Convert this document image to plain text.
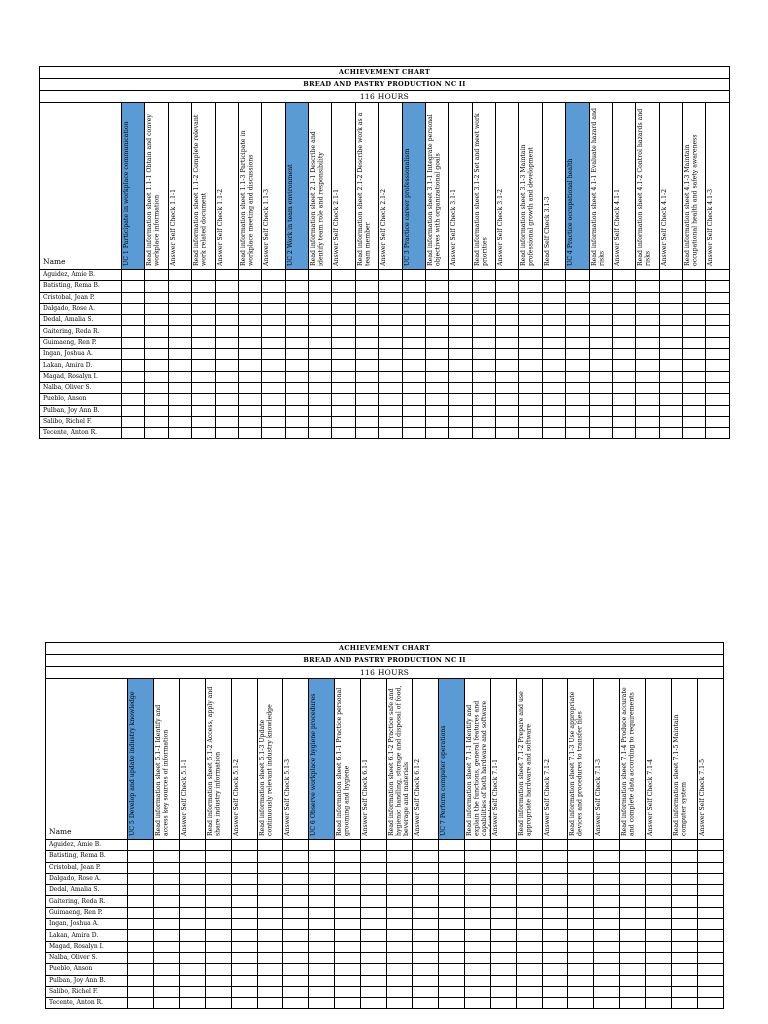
ACHIEVEMENT CHART																										
BREAD AND PASTRY PRODUCTION NC II																										
116 HOURS																										
Name	UC 1 Participate in workplace communication	Read information sheet 1.1-1 Obtain and convey workplace information	Answer Self Check 1.1-1	Read information sheet 1.1-2 Complete relevant work related document	Answer Self Check 1.1-2	Read information sheet 1.1-3 Participate in workplace meeting and discussions	Answer Self Check 1.1-3	UC 2 Work in team environment	Read information sheet 2.1-1 Describe and identify team role and responsibility	Answer Self Check 2.1-1	Read information sheet 2.1-2 Describe work as a team member	Answer Self Check 2.1-2	UC 3 Practice career professionalism	Read information sheet 3.1-1 Integrate personal objectives with organizational goals	Answer Self Check 3.1-1	Read information sheet 3.1-2 Set and meet work priorities	Answer Self Check 3.1-2	Read information sheet 3.1-3 Maintain professional growth and development	Read Self Check 3.1-3	UC 4 Practice occupational health	Read information sheet 4.1-1 Evaluate hazard and risks	Answer Self Check 4.1-1	Read information sheet 4.1-2 Control hazards and risks	Answer Self Check 4.1-2	Read information sheet 4.1-3 Maintain occupational health and safety awareness	Answer Self Check 4.1-3

Aguidez, Amie B.																										
Batisting, Rema B.																										
Cristobal, Jean P.																										
Dalgado, Rose A.																										
Dedal, Amalia S.																										
Gaitering, Reda R.																										
Guimaeng, Ren P.																										
Ingan, Joshua A.																										
Lakan, Amira D.																										
Magad, Rosalyn I.																										
Nalba, Oliver S.																										
Pueblo, Anson																										
Pulban, Joy Ann B.																										
Salibo, Richel F.																										
Tecente, Anton R.																										
ACHIEVEMENT CHART																							
BREAD AND PASTRY PRODUCTION NC II																							
116 HOURS																							
Name	UC 5 Develop and update industry knowledge	Read information sheet 5.1-1 Identify and access key sources of information	Answer Self Check 5.1-1	Read information sheet 5.1-2 Access, apply and share industry information	Answer Self Check 5.1-2	Read information sheet 5.1-3 Update continuously relevant industry knowledge	Answer Self Check 5.1-3	UC 6 Observe workplace hygiene procedures	Read information sheet 6.1-1 Practice personal grooming and hygiene	Answer Self Check 6.1-1	Read information sheet 6.1-2 Practice safe and hygienic handling, storage and disposal of food, beverage and materials	Answer Self Check 6.1-2	UC 7 Perform computer operations	Read information sheet 7.1-1 Identify and explain the functions, general features and capabilities of both hardware and software undertaken	Answer Self Check 7.1-1	Read information sheet 7.1-2 Prepare and use appropriate hardware and software	Answer Self Check 7.1-2	Read information sheet 7.1-3 Use appropriate devices and procedures to transfer files	Answer Self Check 7.1-3	Read information sheet 7.1-4 Produce accurate and complete data according to requirements	Answer Self Check 7.1-4	Read information sheet 7.1-5 Maintain computer system	Answer Self Check 7.1-5

Aguidez, Amie B.																							
Batisting, Rema B.																							
Cristobal, Jean P.																							
Dalgado, Rose A.																							
Dedal, Amalia S.																							
Gaitering, Reda R.																							
Guimaeng, Ren P.																							
Ingan, Joshua A.																							
Lakan, Amira D.																							
Magad, Rosalyn I.																							
Nalba, Oliver S.																							
Pueblo, Anson																							
Pulban, Joy Ann B.																							
Salibo, Richel F.																							
Tecente, Anton R.																							
